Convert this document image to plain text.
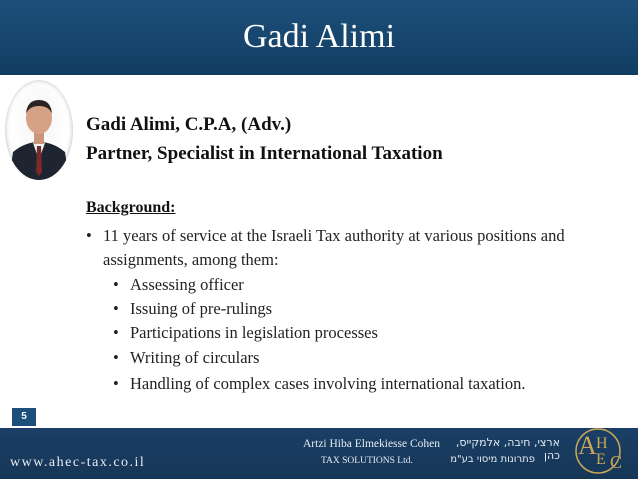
Gadi Alimi
Gadi Alimi, C.P.A, (Adv.)
Partner, Specialist in International Taxation
Background:
• 11 years of service at the Israeli Tax authority at various positions and assignments, among them:
• Assessing officer
• Issuing of pre-rulings
• Participations in legislation processes
• Writing of circulars
• Handling of complex cases involving international taxation.
5
www.ahec-tax.co.il
Artzi Hiba Elmekiesse Cohen
TAX SOLUTIONS Ltd.
ארצי, חיבה, אלמקייס, כהן
פתרונות מיסוי בע"מ A H
E C
